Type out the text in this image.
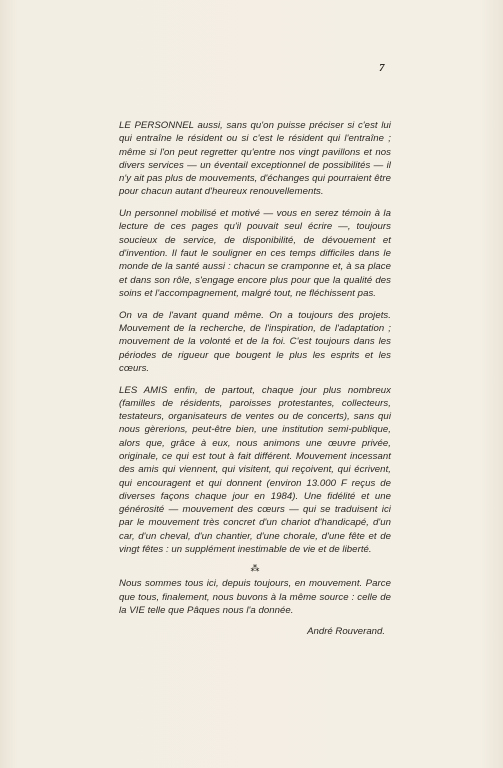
7

LE PERSONNEL aussi, sans qu'on puisse préciser si c'est lui qui entraîne le résident ou si c'est le résident qui l'entraîne ; même si l'on peut regretter qu'entre nos vingt pavillons et nos divers services — un éventail exceptionnel de possibilités — il n'y ait pas plus de mouvements, d'échanges qui pourraient être pour chacun autant d'heureux renouvellements.

Un personnel mobilisé et motivé — vous en serez témoin à la lecture de ces pages qu'il pouvait seul écrire —, toujours soucieux de service, de disponibilité, de dévouement et d'invention. Il faut le souligner en ces temps difficiles dans le monde de la santé aussi : chacun se cramponne et, à sa place et dans son rôle, s'engage encore plus pour que la qualité des soins et l'accompagnement, malgré tout, ne fléchissent pas.

On va de l'avant quand même. On a toujours des projets. Mouvement de la recherche, de l'inspiration, de l'adaptation ; mouvement de la volonté et de la foi. C'est toujours dans les périodes de rigueur que bougent le plus les esprits et les cœurs.

LES AMIS enfin, de partout, chaque jour plus nombreux (familles de résidents, paroisses protestantes, collecteurs, testateurs, organisateurs de ventes ou de concerts), sans qui nous gèrerions, peut-être bien, une institution semi-publique, alors que, grâce à eux, nous animons une œuvre privée, originale, ce qui est tout à fait différent. Mouvement incessant des amis qui viennent, qui visitent, qui reçoivent, qui écrivent, qui encouragent et qui donnent (environ 13.000 F reçus de diverses façons chaque jour en 1984). Une fidélité et une générosité — mouvement des cœurs — qui se traduisent ici par le mouvement très concret d'un chariot d'handicapé, d'un car, d'un cheval, d'un chantier, d'une chorale, d'une fête et de vingt fêtes : un supplément inestimable de vie et de liberté.

⁂

Nous sommes tous ici, depuis toujours, en mouvement. Parce que tous, finalement, nous buvons à la même source : celle de la VIE telle que Pâques nous l'a donnée.

André Rouverand.
